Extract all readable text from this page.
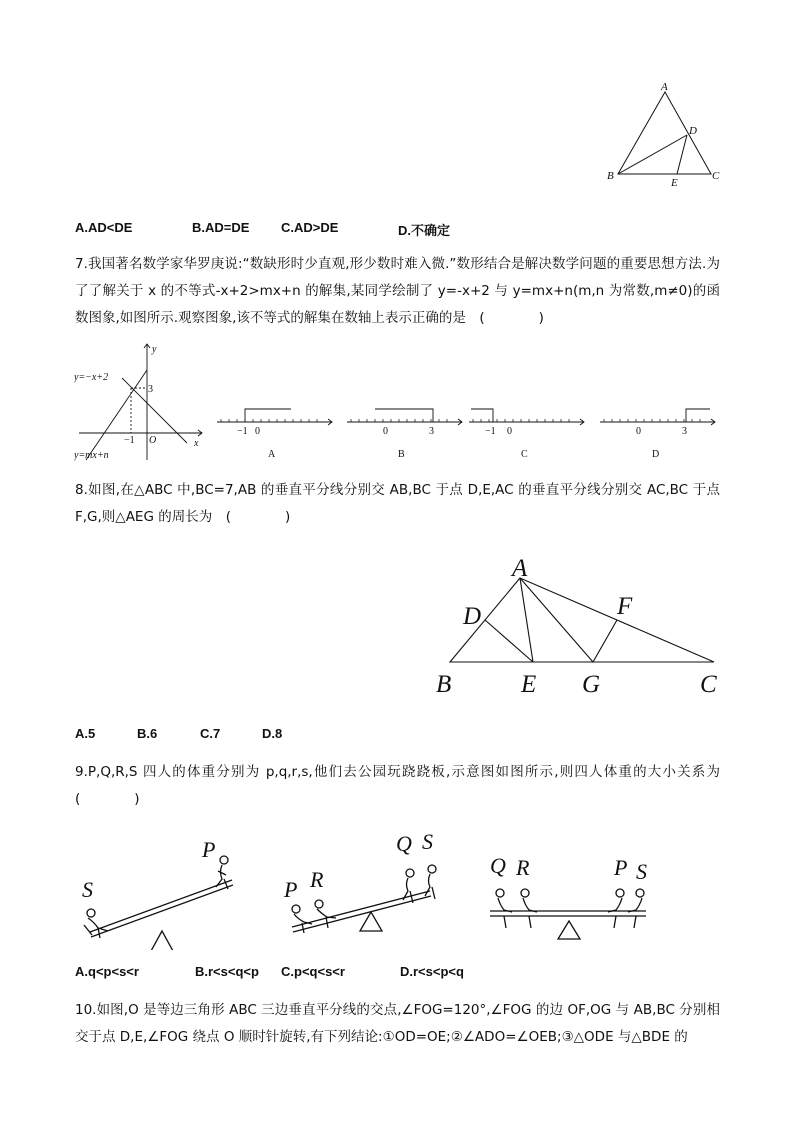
A
B	C
D
E
A.AD<DE	B.AD=DE C.AD>DE	D.不确定
7.我国著名数学家华罗庚说:“数缺形时少直观,形少数时难入微.”数形结合是解决数学问题的重要思想方法.为了了解关于 x 的不等式-x+2>mx+n 的解集,某同学绘制了 y=-x+2 与 y=mx+n(m,n 为常数,m≠0)的函数图象,如图所示.观察图象,该不等式的解集在数轴上表示正确的是　(　　　　)
y=−x+2
y=mx+n
y
x
O
3
−1
−1 0
A
0	3
B
−1 0
C
0	3
D
8.如图,在△ABC 中,BC=7,AB 的垂直平分线分别交 AB,BC 于点 D,E,AC 的垂直平分线分别交 AC,BC 于点 F,G,则△AEG 的周长为　(　　　　)
A
B	C
D
E
F
G
A.5	B.6	C.7	D.8
9.P,Q,R,S 四人的体重分别为 p,q,r,s,他们去公园玩跷跷板,示意图如图所示,则四人体重的大小关系为　(　　　　)
S
P
P R
Q S
Q R	P S
A.q<p<s<r	B.r<s<q<p C.p<q<s<r	D.r<s<p<q
10.如图,O 是等边三角形 ABC 三边垂直平分线的交点,∠FOG=120°,∠FOG 的边 OF,OG 与 AB,BC 分别相交于点 D,E,∠FOG 绕点 O 顺时针旋转,有下列结论:①OD=OE;②∠ADO=∠OEB;③△ODE 与△BDE 的
